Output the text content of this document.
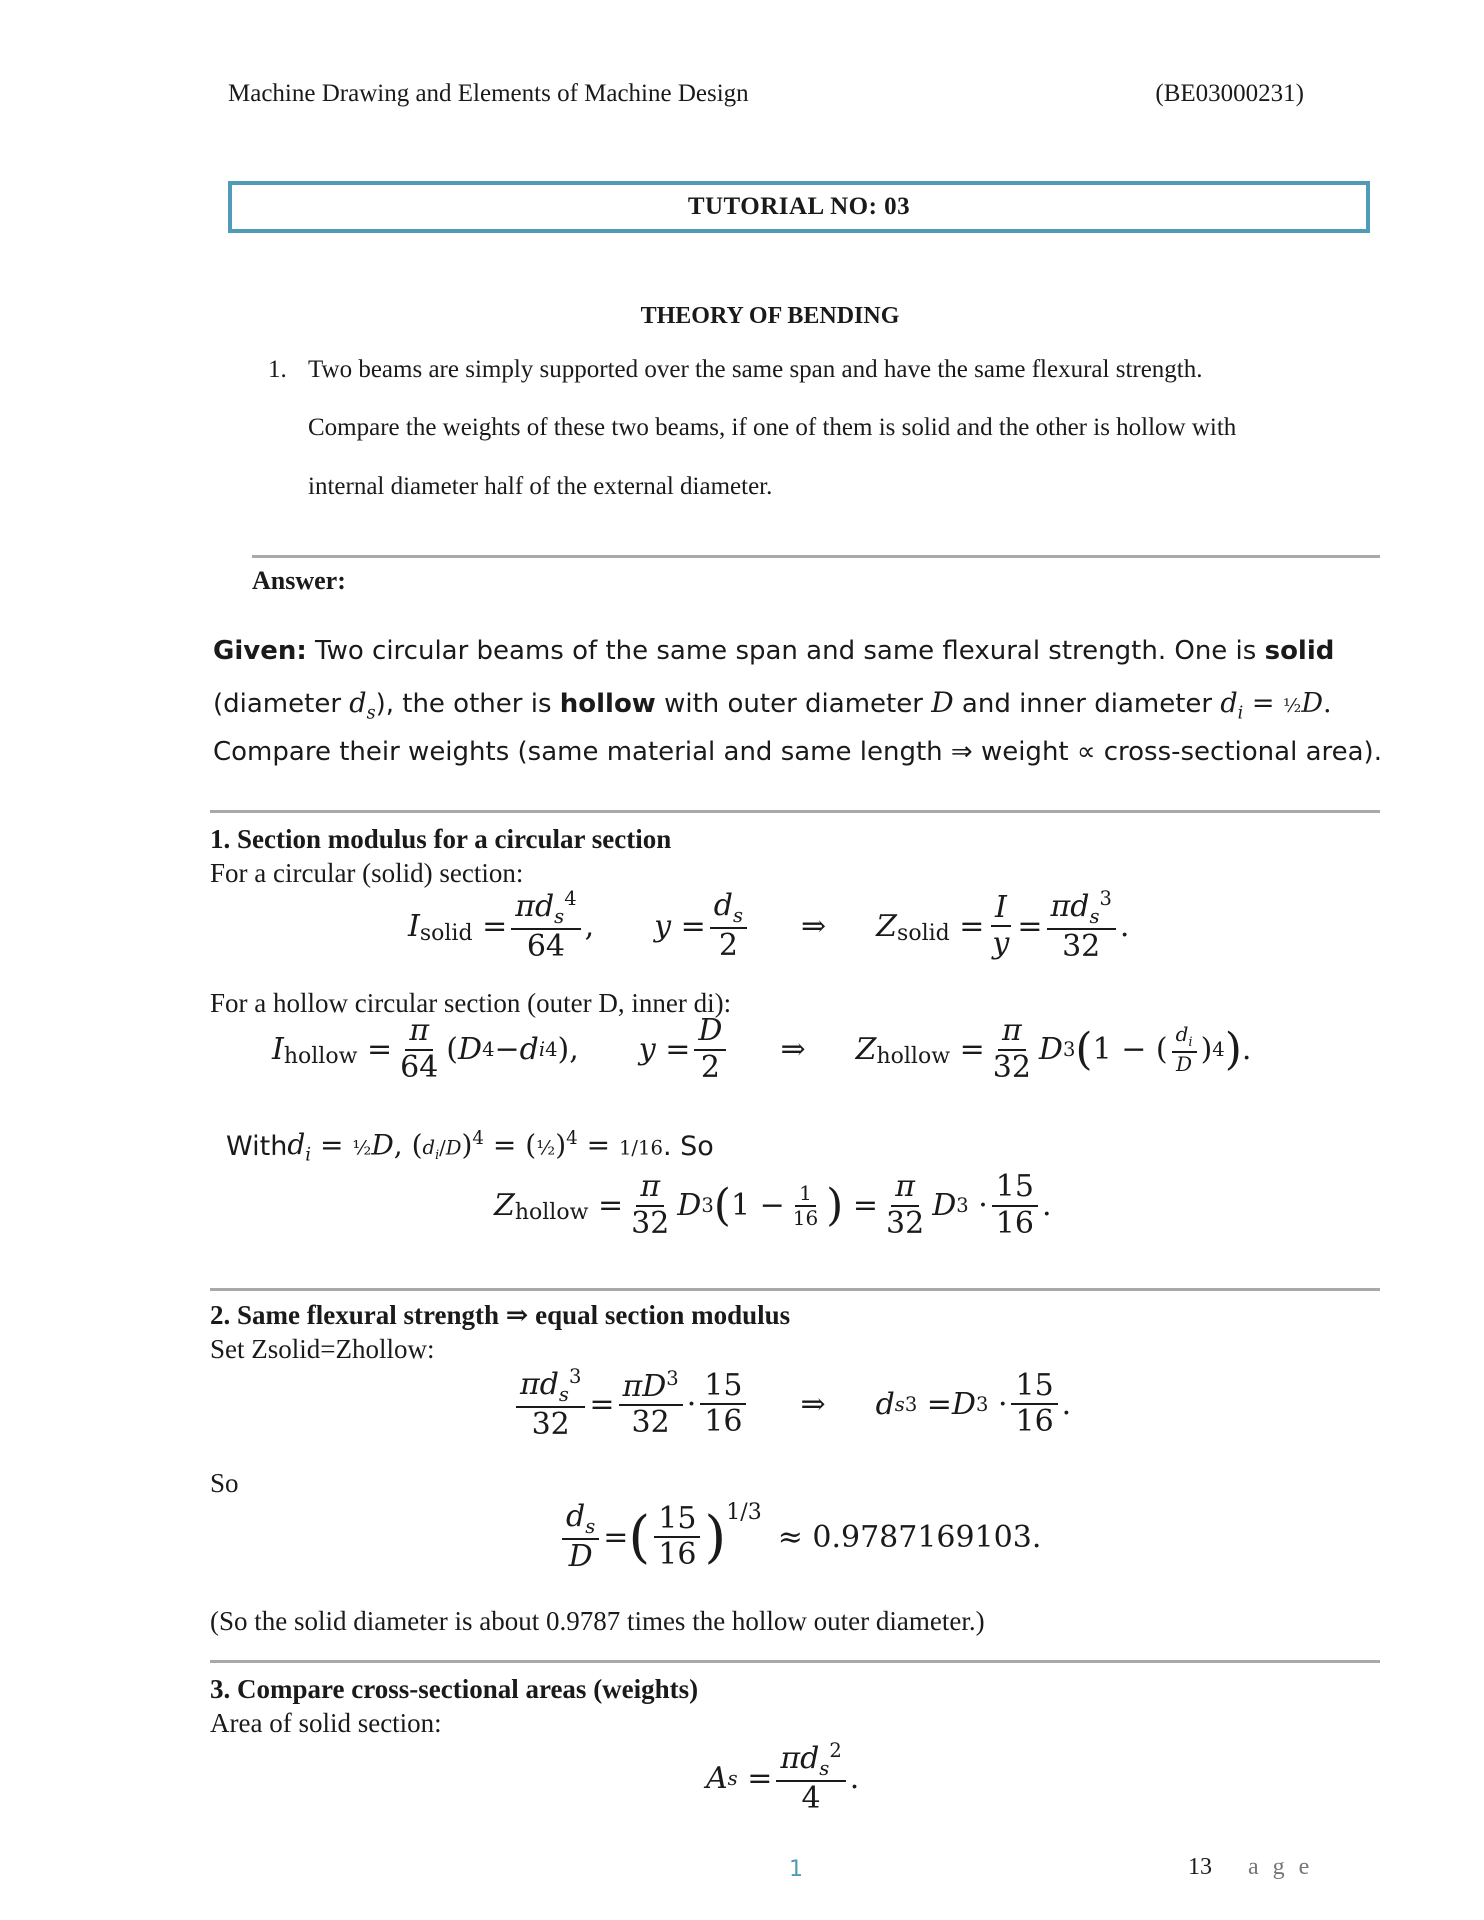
Machine Drawing and Elements of Machine Design	(BE03000231)
TUTORIAL NO: 03
THEORY OF BENDING
1. Two beams are simply supported over the same span and have the same flexural strength.
Compare the weights of these two beams, if one of them is solid and the other is hollow with
internal diameter half of the external diameter.
Answer:
Given: Two circular beams of the same span and same flexural strength. One is solid
(diameter $d_s$), the other is hollow with outer diameter D and inner diameter $d_i$ = ½D.
Compare their weights (same material and same length ⇒ weight ∝ cross-sectional area).
1. Section modulus for a circular section
For a circular (solid) section:
$I_{solid} = \frac{\pi d_s^4}{64}$ , $y = \frac{d_s}{2}$ ⇒ $Z_{solid} = \frac{I}{y} = \frac{\pi d_s^3}{32}$ .
For a hollow circular section (outer D, inner di):
$I_{hollow} = \frac{\pi}{64}$ ( D 4 − d i 4 ), $y = \frac{D}{2}$ ⇒ $Z_{hollow} = \frac{\pi}{32}$ D 3 ( 1 − ( $\frac{d_i}{D}$ ) 4 ) .
With $d_i$ = ½D, $(d_i/D)^4$ = (½)$^4$ = 1/16 . So
$Z_{hollow} = \frac{\pi}{32}$ D 3 ( $1 - \frac{1}{16}$ ) = $\frac{\pi}{32}$ D $3 \cdot \frac{15}{16}$ .
2. Same flexural strength ⇒ equal section modulus
Set Zsolid=Zhollow:
$\frac{\pi d_s^3}{32} = \frac{\pi D^3}{32} \cdot \frac{15}{16}$ ⇒ d s 3 = D $3 \cdot \frac{15}{16}$ .
So
$\frac{d_s}{D}$ = ( $\frac{15}{16} )^{1/3}$
≈ 0.9787169103.
(So the solid diameter is about 0.9787 times the hollow outer diameter.)
3. Compare cross-sectional areas (weights)
Area of solid section:
A $s = \frac{\pi d_s^2}{4}$ .
1	13 a g e
